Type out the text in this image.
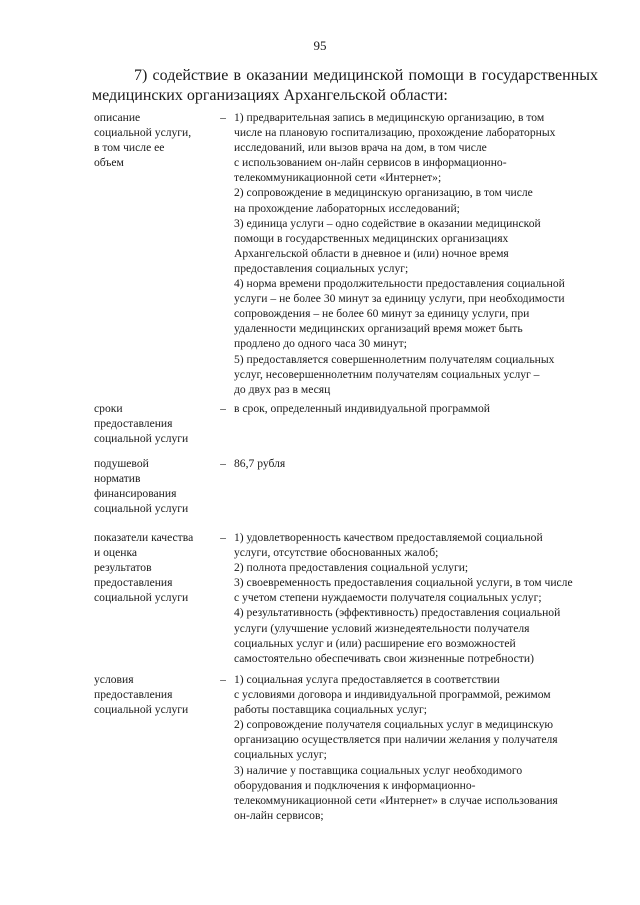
95
7) содействие в оказании медицинской помощи в государственных медицинских организациях Архангельской области:
описание
социальной услуги,
в том числе ее
объем
– 1) предварительная запись в медицинскую организацию, в том
числе на плановую госпитализацию, прохождение лабораторных
исследований, или вызов врача на дом, в том числе
с использованием он-лайн сервисов в информационно-
телекоммуникационной сети «Интернет»;
2) сопровождение в медицинскую организацию, в том числе
на прохождение лабораторных исследований;
3) единица услуги – одно содействие в оказании медицинской
помощи в государственных медицинских организациях
Архангельской области в дневное и (или) ночное время
предоставления социальных услуг;
4) норма времени продолжительности предоставления социальной
услуги – не более 30 минут за единицу услуги, при необходимости
сопровождения – не более 60 минут за единицу услуги, при
удаленности медицинских организаций время может быть
продлено до одного часа 30 минут;
5) предоставляется совершеннолетним получателям социальных
услуг, несовершеннолетним получателям социальных услуг –
до двух раз в месяц
сроки
предоставления
социальной услуги
– в срок, определенный индивидуальной программой
подушевой
норматив
финансирования
социальной услуги
– 86,7 рубля
показатели качества
и оценка
результатов
предоставления
социальной услуги
– 1) удовлетворенность качеством предоставляемой социальной
услуги, отсутствие обоснованных жалоб;
2) полнота предоставления социальной услуги;
3) своевременность предоставления социальной услуги, в том числе
с учетом степени нуждаемости получателя социальных услуг;
4) результативность (эффективность) предоставления социальной
услуги (улучшение условий жизнедеятельности получателя
социальных услуг и (или) расширение его возможностей
самостоятельно обеспечивать свои жизненные потребности)
условия
предоставления
социальной услуги
– 1) социальная услуга предоставляется в соответствии
с условиями договора и индивидуальной программой, режимом
работы поставщика социальных услуг;
2) сопровождение получателя социальных услуг в медицинскую
организацию осуществляется при наличии желания у получателя
социальных услуг;
3) наличие у поставщика социальных услуг необходимого
оборудования и подключения к информационно-
телекоммуникационной сети «Интернет» в случае использования
он-лайн сервисов;
